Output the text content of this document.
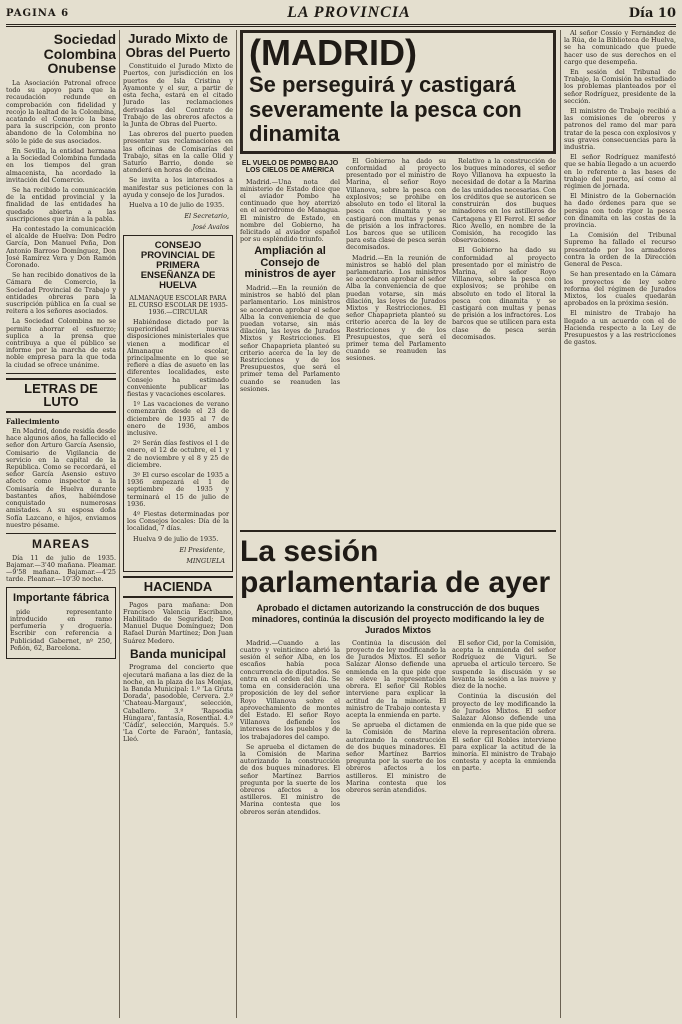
PAGINA 6	LA PROVINCIA	Día 10
Sociedad Colombina Onubense

La Asociación Patronal ofrece todo su apoyo para que la recaudación redunde en comprobación con fidelidad y recojo la lealtad de la Colombina, acatando el Comercio la base para la suscripción, con pronto abandono de la Colombina no sólo le pide de sus asociados.

En Sevilla, la entidad hermana a la Sociedad Colombina fundada en los tiempos del gran almacenista, ha acordado la invitación del Comercio.

Se ha recibido la comunicación de la entidad provincial y la finalidad de las entidades ha quedado abierta a las suscripciones que irán a la pabla.

Ha contestado la comunicación el alcalde de Huelva: Don Pedro García, Don Manuel Peña, Don Antonio Barroso Domínguez, Don José Ramírez Vera y Don Ramón Coronado.

Se han recibido donativos de la Cámara de Comercio, la Sociedad Provincial de Trabajo y entidades obreras para la suscripción pública en la cual se reitera a los señores asociados.

La Sociedad Colombina no se permite ahorrar el esfuerzo; suplica a la prensa que contribuya a que el público se informe por la marcha de esta noble empresa para la que toda la ciudad se ofrece unánime.

LETRAS DE LUTO
Fallecimiento

En Madrid, donde residía desde hace algunos años, ha fallecido el señor don Arturo García Asensio, Comisario de Vigilancia de servicio en la capital de la República. Como se recordará, el señor García Asensio estuvo afecto como inspector a la Comisaría de Huelva durante bastantes años, habiéndose conquistado numerosas amistades. A su esposa doña Sofía Lazcano, e hijos, enviamos nuestro pésame.

MAREAS

Día 11 de julio de 1935. Bajamar.—3'40 mañana. Pleamar.—9'58 mañana. Bajamar.—4'25 tarde. Pleamar.—10'30 noche.

Importante fábrica

pide representante introducido en ramo perfumería y droguería. Escribir con referencia a Publicidad Gabernet, nº 250, Peñón, 62, Barcelona.

Jurado Mixto de Obras del Puerto

Constituido el Jurado Mixto de Puertos, con jurisdicción en los puertos de Isla Cristina y Ayamonte y el sur, a partir de esta fecha, estará en el citado Jurado las reclamaciones derivadas del Contrato de Trabajo de las obreros afectos a la Junta de Obras del Puerto.

Las obreros del puerto pueden presentar sus reclamaciones en las oficinas de Comisarías del Trabajo, sitas en la calle Olid y Saturio Barrio, donde se atenderá en horas de oficina.

Se invita a los interesados a manifestar sus peticiones con la ayuda y consejo de los Jurados.

Huelva a 10 de julio de 1935.

El Secretario,
José Avalos
CONSEJO PROVINCIAL DE PRIMERA ENSEÑANZA DE HUELVA
ALMANAQUE ESCOLAR PARA EL CURSO ESCOLAR DE 1935-1936.—CIRCULAR

Habiéndose dictado por la superioridad nuevas disposiciones ministeriales que vienen a modificar el Almanaque escolar, principalmente en lo que se refiere a días de asueto en las diferentes localidades, este Consejo ha estimado conveniente publicar las fiestas y vacaciones escolares.

1º Las vacaciones de verano comenzarán desde el 23 de diciembre de 1935 al 7 de enero de 1936, ambos inclusive.

2º Serán días festivos el 1 de enero, el 12 de octubre, el 1 y 2 de noviembre y el 8 y 25 de diciembre.

3º El curso escolar de 1935 a 1936 empezará el 1 de septiembre de 1935 y terminará el 15 de julio de 1936.

4º Fiestas determinadas por los Consejos locales: Día de la localidad, 7 días.

Huelva 9 de julio de 1935.

El Presidente,
MINGUELA
HACIENDA

Pagos para mañana: Don Francisco Valencia Escribano, Habilitado de Seguridad; Don Manuel Duque Domínguez; Don Rafael Durán Martínez; Don Juan Suárez Medero.

Banda municipal

Programa del concierto que ejecutará mañana a las diez de la noche, en la plaza de las Monjas, la Banda Municipal: 1.º 'La Gruta Dorada', pasodoble, Cervera. 2.º 'Chateau-Margaux', selección, Caballero. 3.º 'Rapsodia Húngara', fantasía, Rosenthal. 4.º 'Cádiz', selección, Marqués. 5.º 'La Corte de Faraón', fantasía, Lleó.

(MADRID)
Se perseguirá y castigará severamente la pesca con dinamita
EL VUELO DE POMBO BAJO LOS CIELOS DE AMÉRICA

Madrid.—Una nota del ministerio de Estado dice que el aviador Pombo ha continuado que hoy aterrizó en el aeródromo de Managua. El ministro de Estado, en nombre del Gobierno, ha felicitado al aviador español por su espléndido triunfo.

Ampliación al Consejo de ministros de ayer

Madrid.—En la reunión de ministros se habló del plan parlamentario. Los ministros se acordaron aprobar el señor Alba la conveniencia de que puedan votarse, sin más dilación, las leyes de Jurados Mixtos y Restricciones. El señor Chapaprieta planteó su criterio acerca de la ley de Restricciones y de los Presupuestos, que será el primer tema del Parlamento cuando se reanuden las sesiones.

El Gobierno ha dado su conformidad al proyecto presentado por el ministro de Marina, el señor Royo Villanova, sobre la pesca con explosivos; se prohibe en absoluto en todo el litoral la pesca con dinamita y se castigará con multas y penas de prisión a los infractores. Los barcos que se utilicen para esta clase de pesca serán decomisados.

Madrid.—En la reunión de ministros se habló del plan parlamentario. Los ministros se acordaron aprobar el señor Alba la conveniencia de que puedan votarse, sin más dilación, las leyes de Jurados Mixtos y Restricciones. El señor Chapaprieta planteó su criterio acerca de la ley de Restricciones y de los Presupuestos, que será el primer tema del Parlamento cuando se reanuden las sesiones.

Relativo a la construcción de los buques minadores, el señor Royo Villanova ha expuesto la necesidad de dotar a la Marina de las unidades necesarias. Con los créditos que se autoricen se construirán dos buques minadores en los astilleros de Cartagena y El Ferrol. El señor Rico Avello, en nombre de la Comisión, ha recogido las observaciones.

El Gobierno ha dado su conformidad al proyecto presentado por el ministro de Marina, el señor Royo Villanova, sobre la pesca con explosivos; se prohibe en absoluto en todo el litoral la pesca con dinamita y se castigará con multas y penas de prisión a los infractores. Los barcos que se utilicen para esta clase de pesca serán decomisados.

La sesión parlamentaria de ayer
Aprobado el dictamen autorizando la construcción de dos buques minadores, continúa la discusión del proyecto modificando la ley de Jurados Mixtos

Madrid.—Cuando a las cuatro y veinticinco abrió la sesión el señor Alba, en los escaños había poca concurrencia de diputados. Se entra en el orden del día. Se toma en consideración una proposición de ley del señor Royo Villanova sobre el aprovechamiento de montes del Estado. El señor Royo Villanova defiende los intereses de los pueblos y de los trabajadores del campo.

Se aprueba el dictamen de la Comisión de Marina autorizando la construcción de dos buques minadores. El señor Martínez Barrios pregunta por la suerte de los obreros afectos a los astilleros. El ministro de Marina contesta que los obreros serán atendidos.

Continúa la discusión del proyecto de ley modificando la de Jurados Mixtos. El señor Salazar Alonso defiende una enmienda en la que pide que se eleve la representación obrera. El señor Gil Robles interviene para explicar la actitud de la minoría. El ministro de Trabajo contesta y acepta la enmienda en parte.

Se aprueba el dictamen de la Comisión de Marina autorizando la construcción de dos buques minadores. El señor Martínez Barrios pregunta por la suerte de los obreros afectos a los astilleros. El ministro de Marina contesta que los obreros serán atendidos.

El señor Cid, por la Comisión, acepta la enmienda del señor Rodríguez de Viguri. Se aprueba el artículo tercero. Se suspende la discusión y se levanta la sesión a las nueve y diez de la noche.

Continúa la discusión del proyecto de ley modificando la de Jurados Mixtos. El señor Salazar Alonso defiende una enmienda en la que pide que se eleve la representación obrera. El señor Gil Robles interviene para explicar la actitud de la minoría. El ministro de Trabajo contesta y acepta la enmienda en parte.

Al señor Cossío y Fernández de la Rúa, de la Biblioteca de Huelva, se ha comunicado que puede hacer uso de sus derechos en el cargo que desempeña.

En sesión del Tribunal de Trabajo, la Comisión ha estudiado los problemas planteados por el señor Rodríguez, presidente de la sección.

El ministro de Trabajo recibió a las comisiones de obreros y patronos del ramo del mar para tratar de la pesca con explosivos y sus graves consecuencias para la industria.

El señor Rodríguez manifestó que se había llegado a un acuerdo en lo referente a las bases de trabajo del puerto, así como al régimen de jornada.

El Ministro de la Gobernación ha dado órdenes para que se persiga con todo rigor la pesca con dinamita en las costas de la provincia.

La Comisión del Tribunal Supremo ha fallado el recurso presentado por los armadores contra la orden de la Dirección General de Pesca.

Se han presentado en la Cámara los proyectos de ley sobre reforma del régimen de Jurados Mixtos, los cuales quedarán aprobados en la próxima sesión.

El ministro de Trabajo ha llegado a un acuerdo con el de Hacienda respecto a la Ley de Presupuestos y a las restricciones de gastos.
